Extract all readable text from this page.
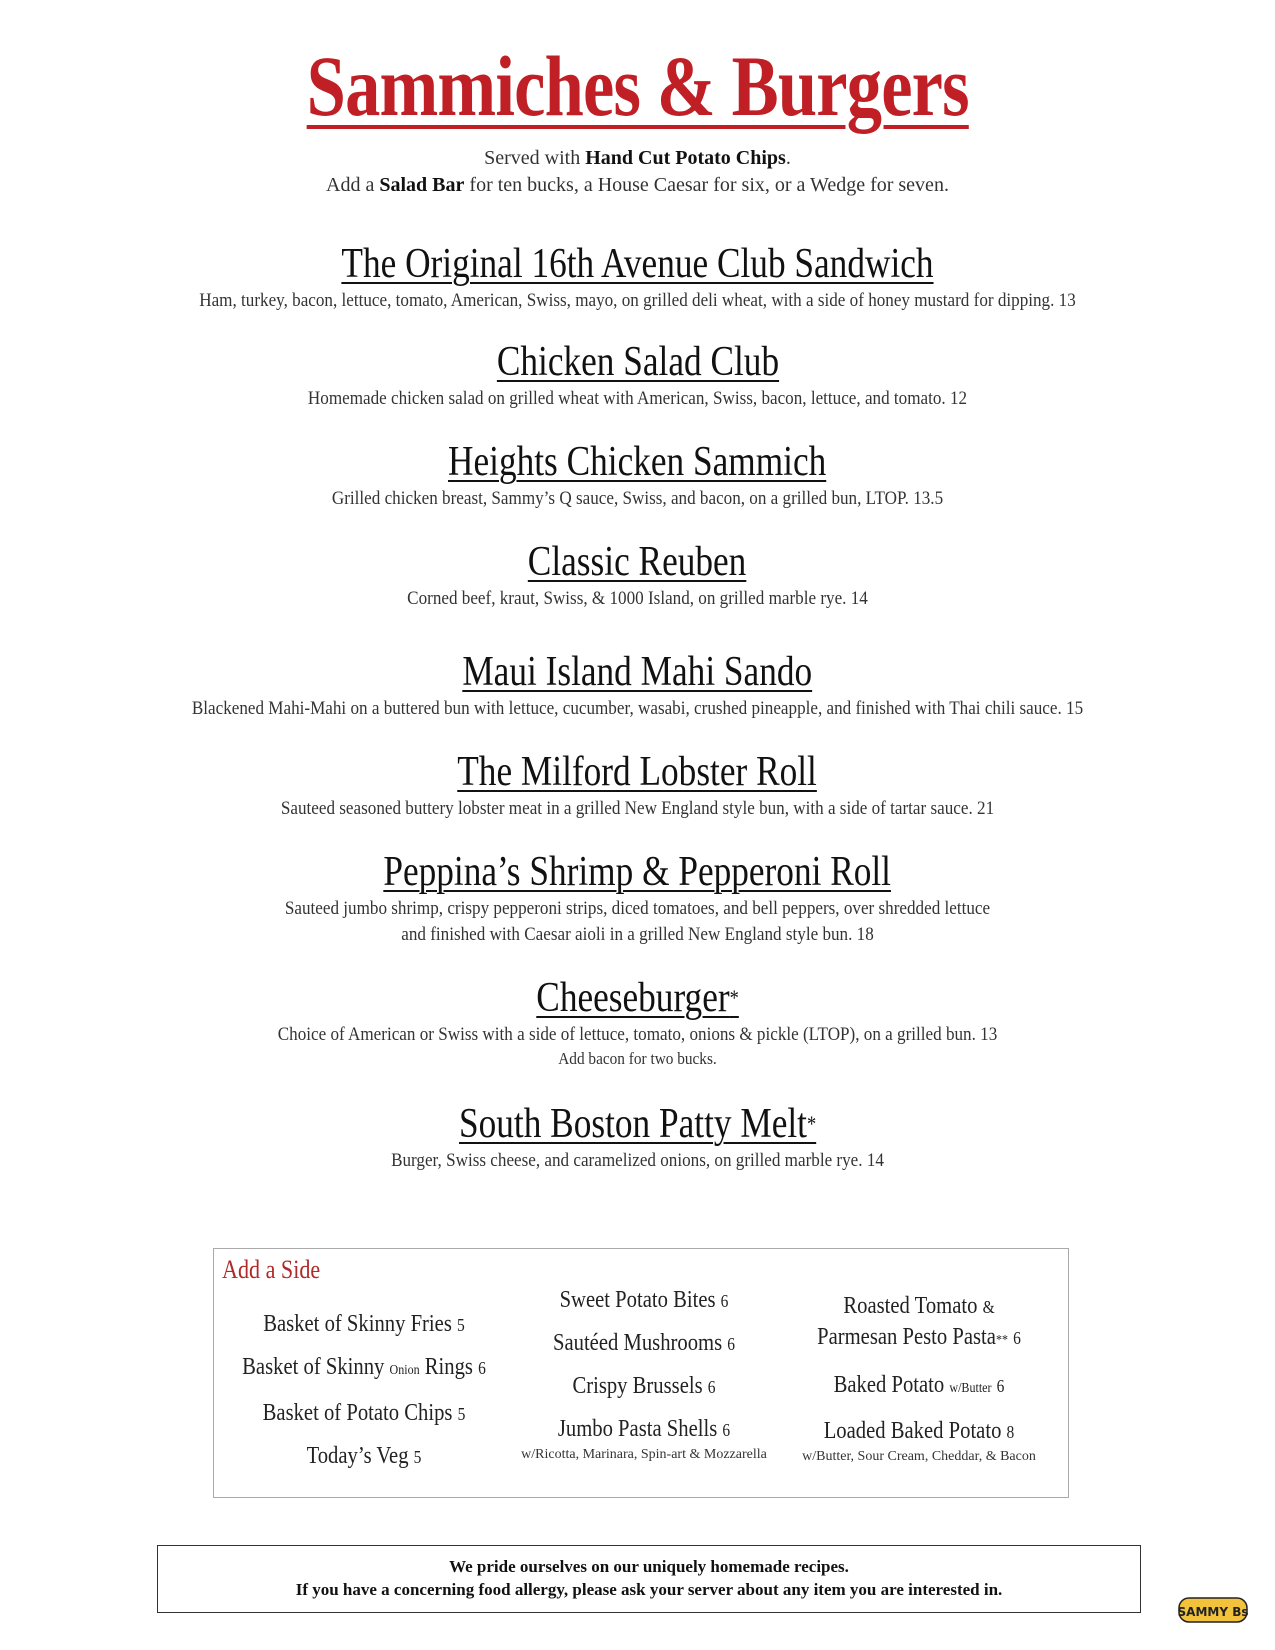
Sammiches & Burgers
Served with Hand Cut Potato Chips.
Add a Salad Bar for ten bucks, a House Caesar for six, or a Wedge for seven.
The Original 16th Avenue Club Sandwich

Ham, turkey, bacon, lettuce, tomato, American, Swiss, mayo, on grilled deli wheat, with a side of honey mustard for dipping. 13

Chicken Salad Club

Homemade chicken salad on grilled wheat with American, Swiss, bacon, lettuce, and tomato. 12

Heights Chicken Sammich

Grilled chicken breast, Sammy’s Q sauce, Swiss, and bacon, on a grilled bun, LTOP. 13.5

Classic Reuben

Corned beef, kraut, Swiss, & 1000 Island, on grilled marble rye. 14

Maui Island Mahi Sando

Blackened Mahi-Mahi on a buttered bun with lettuce, cucumber, wasabi, crushed pineapple, and finished with Thai chili sauce. 15

The Milford Lobster Roll

Sauteed seasoned buttery lobster meat in a grilled New England style bun, with a side of tartar sauce. 21

Peppina’s Shrimp & Pepperoni Roll

Sauteed jumbo shrimp, crispy pepperoni strips, diced tomatoes, and bell peppers, over shredded lettuce

and finished with Caesar aioli in a grilled New England style bun. 18

Cheeseburger*

Choice of American or Swiss with a side of lettuce, tomato, onions & pickle (LTOP), on a grilled bun. 13

Add bacon for two bucks.

South Boston Patty Melt*

Burger, Swiss cheese, and caramelized onions, on grilled marble rye. 14

Add a Side
Basket of Skinny Fries 5
Basket of Skinny Onion Rings 6
Basket of Potato Chips 5
Today’s Veg 5
Sweet Potato Bites 6
Sautéed Mushrooms 6
Crispy Brussels 6
Jumbo Pasta Shells 6
w/Ricotta, Marinara, Spin-art & Mozzarella
Roasted Tomato &
Parmesan Pesto Pasta** 6
Baked Potato w/Butter 6
Loaded Baked Potato 8
w/Butter, Sour Cream, Cheddar, & Bacon
We pride ourselves on our uniquely homemade recipes.
If you have a concerning food allergy, please ask your server about any item you are interested in.
SAMMY Bs
